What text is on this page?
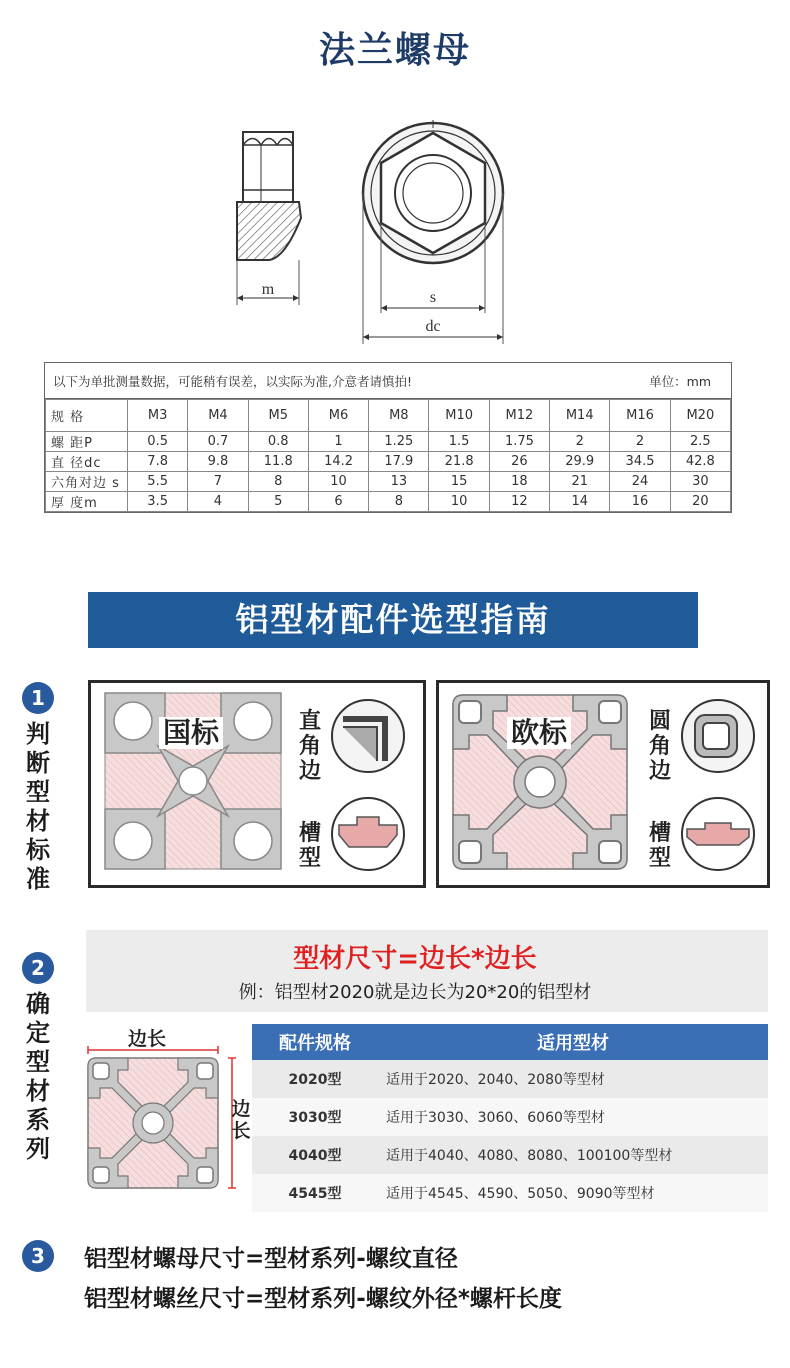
法兰螺母
m	s
dc
以下为单批测量数据，可能稍有误差，以实际为准,介意者请慎拍!	单位：mm
规 格	M3	M4	M5	M6	M8	M10	M12	M14	M16	M20
螺 距P	0.5	0.7	0.8	1	1.25	1.5	1.75	2	2	2.5
直 径dc	7.8	9.8	11.8	14.2	17.9	21.8	26	29.9	34.5	42.8
六角对边 s	5.5	7	8	10	13	15	18	21	24	30
厚 度m	3.5	4	5	6	8	10	12	14	16	20
铝型材配件选型指南
1
判断型材标准
国标	直角边
槽型
欧标	圆角边
槽型
2
确定型材系列
型材尺寸=边长*边长
例：铝型材2020就是边长为20*20的铝型材
边长
边长
配件规格	适用型材
2020型	适用于2020、2040、2080等型材
3030型	适用于3030、3060、6060等型材
4040型	适用于4040、4080、8080、100100等型材
4545型	适用于4545、4590、5050、9090等型材
3	铝型材螺母尺寸=型材系列-螺纹直径
铝型材螺丝尺寸=型材系列-螺纹外径*螺杆长度
